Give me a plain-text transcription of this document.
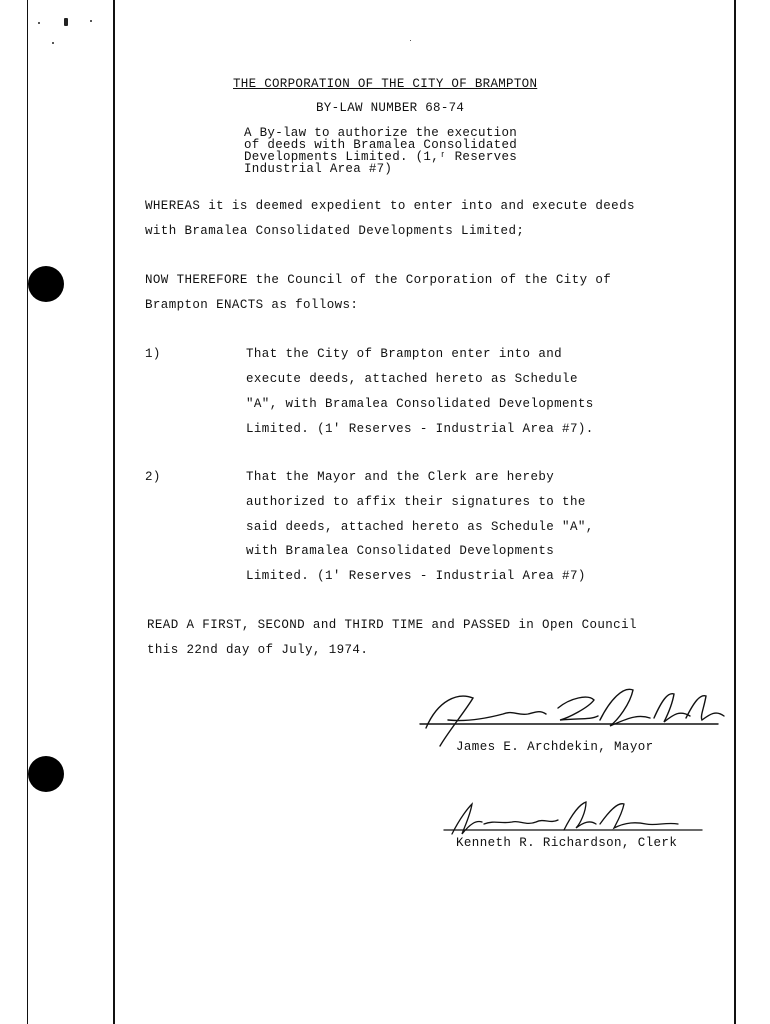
THE CORPORATION OF THE CITY OF BRAMPTON
BY-LAW NUMBER 68-74
A By-law to authorize the execution
of deeds with Bramalea Consolidated
Developments Limited. (1,ʳ Reserves
Industrial Area #7)
WHEREAS it is deemed expedient to enter into and execute deeds
with Bramalea Consolidated Developments Limited;
NOW THEREFORE the Council of the Corporation of the City of
Brampton ENACTS as follows:
1)	That the City of Brampton enter into and
execute deeds, attached hereto as Schedule
"A", with Bramalea Consolidated Developments
Limited. (1' Reserves - Industrial Area #7).
2)	That the Mayor and the Clerk are hereby
authorized to affix their signatures to the
said deeds, attached hereto as Schedule "A",
with Bramalea Consolidated Developments
Limited. (1' Reserves - Industrial Area #7)
READ A FIRST, SECOND and THIRD TIME and PASSED in Open Council
this 22nd day of July, 1974.
James E. Archdekin, Mayor
Kenneth R. Richardson, Clerk
